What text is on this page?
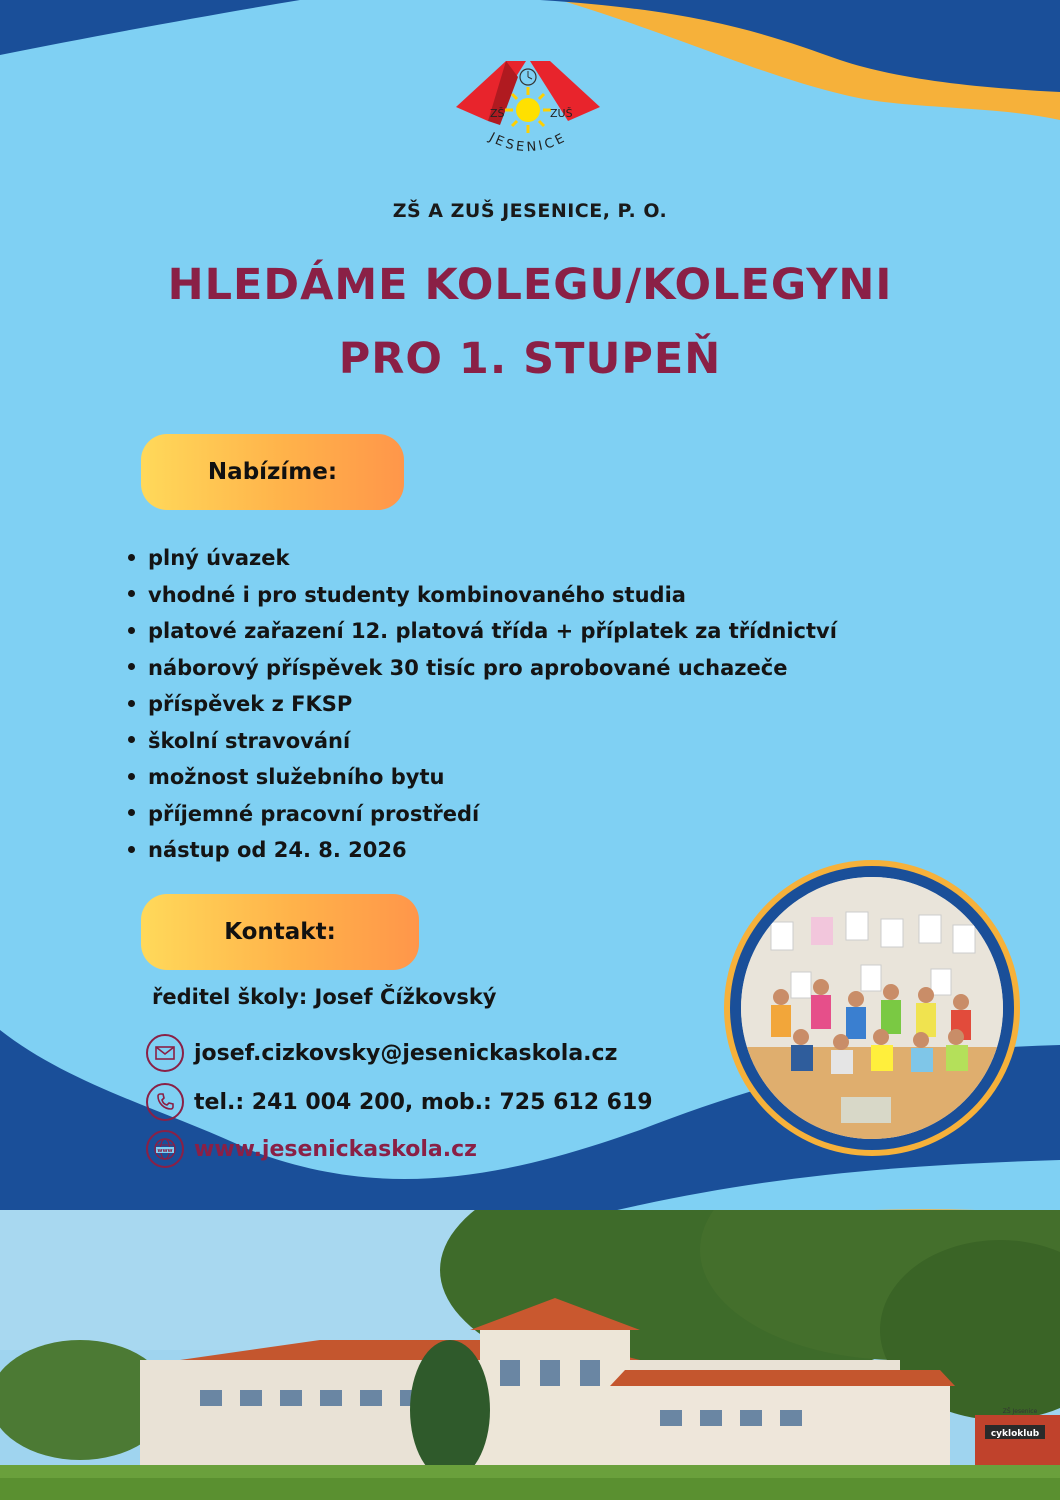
cykloklub
ZŠ Jesenice
ZŠ	ZUŠ
JESENICE
ZŠ A ZUŠ JESENICE, P. O.
HLEDÁME KOLEGU/KOLEGYNI
PRO 1. STUPEŇ
Nabízíme:
plný úvazek
vhodné i pro studenty kombinovaného studia
platové zařazení 12. platová třída + příplatek za třídnictví
náborový příspěvek 30 tisíc pro aprobované uchazeče
příspěvek z FKSP
školní stravování
možnost služebního bytu
příjemné pracovní prostředí
nástup od 24. 8. 2026
Kontakt:
ředitel školy: Josef Čížkovský
josef.cizkovsky@jesenickaskola.cz
tel.: 241 004 200, mob.: 725 612 619
www www.jesenickaskola.cz
